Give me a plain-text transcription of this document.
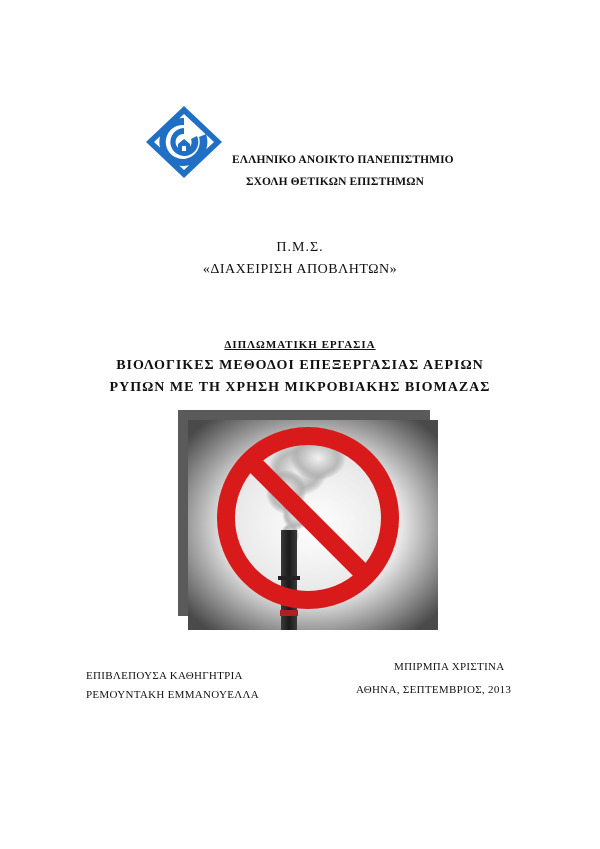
ΕΛΛΗΝΙΚΟ ΑΝΟΙΚΤΟ ΠΑΝΕΠΙΣΤΗΜΙΟ
ΣΧΟΛΗ ΘΕΤΙΚΩΝ ΕΠΙΣΤΗΜΩΝ
Π.Μ.Σ.
«ΔΙΑΧΕΙΡΙΣΗ ΑΠΟΒΛΗΤΩΝ»
ΔΙΠΛΩΜΑΤΙΚΗ ΕΡΓΑΣΙΑ
ΒΙΟΛΟΓΙΚΕΣ ΜΕΘΟΔΟΙ ΕΠΕΞΕΡΓΑΣΙΑΣ ΑΕΡΙΩΝ
ΡΥΠΩΝ ΜΕ ΤΗ ΧΡΗΣΗ ΜΙΚΡΟΒΙΑΚΗΣ ΒΙΟΜΑΖΑΣ
ΕΠΙΒΛΕΠΟΥΣΑ ΚΑΘΗΓΗΤΡΙΑ
ΡΕΜΟΥΝΤΑΚΗ ΕΜΜΑΝΟΥΕΛΛΑ
ΜΠΙΡΜΠΑ ΧΡΙΣΤΙΝΑ
ΑΘΗΝΑ, ΣΕΠΤΕΜΒΡΙΟΣ, 2013
